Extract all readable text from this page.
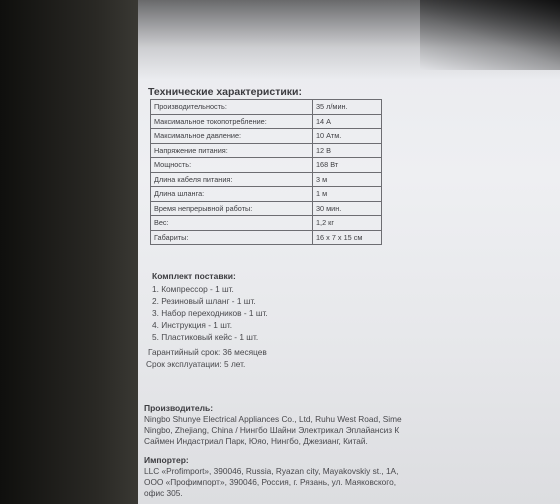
Технические характеристики:
Производительность:	35 л/мин.
Максимальное токопотребление:	14 А
Максимальное давление:	10 Атм.
Напряжение питания:	12 В
Мощность:	168 Вт
Длина кабеля питания:	3 м
Длина шланга:	1 м
Время непрерывной работы:	30 мин.
Вес:	1,2 кг
Габариты:	16 х 7 х 15 см
Комплект поставки:
1. Компрессор - 1 шт.
2. Резиновый шланг - 1 шт.
3. Набор переходников - 1 шт.
4. Инструкция - 1 шт.
5. Пластиковый кейс - 1 шт.
Гарантийный срок: 36 месяцев
Срок эксплуатации: 5 лет.
Производитель:
Ningbo Shunye Electrical Appliances Co., Ltd, Ruhu West Road, Sime
Ningbo, Zhejiang, China / Нингбо Шайни Электрикал Эплайансиз К
Саймен Индастриал Парк, Юяо, Нингбо, Джезианг, Китай.
Импортер:
LLC «Profimport», 390046, Russia, Ryazan city, Mayakovskiy st., 1A,
ООО «Профимпорт», 390046, Россия, г. Рязань, ул. Маяковского,
офис 305.
